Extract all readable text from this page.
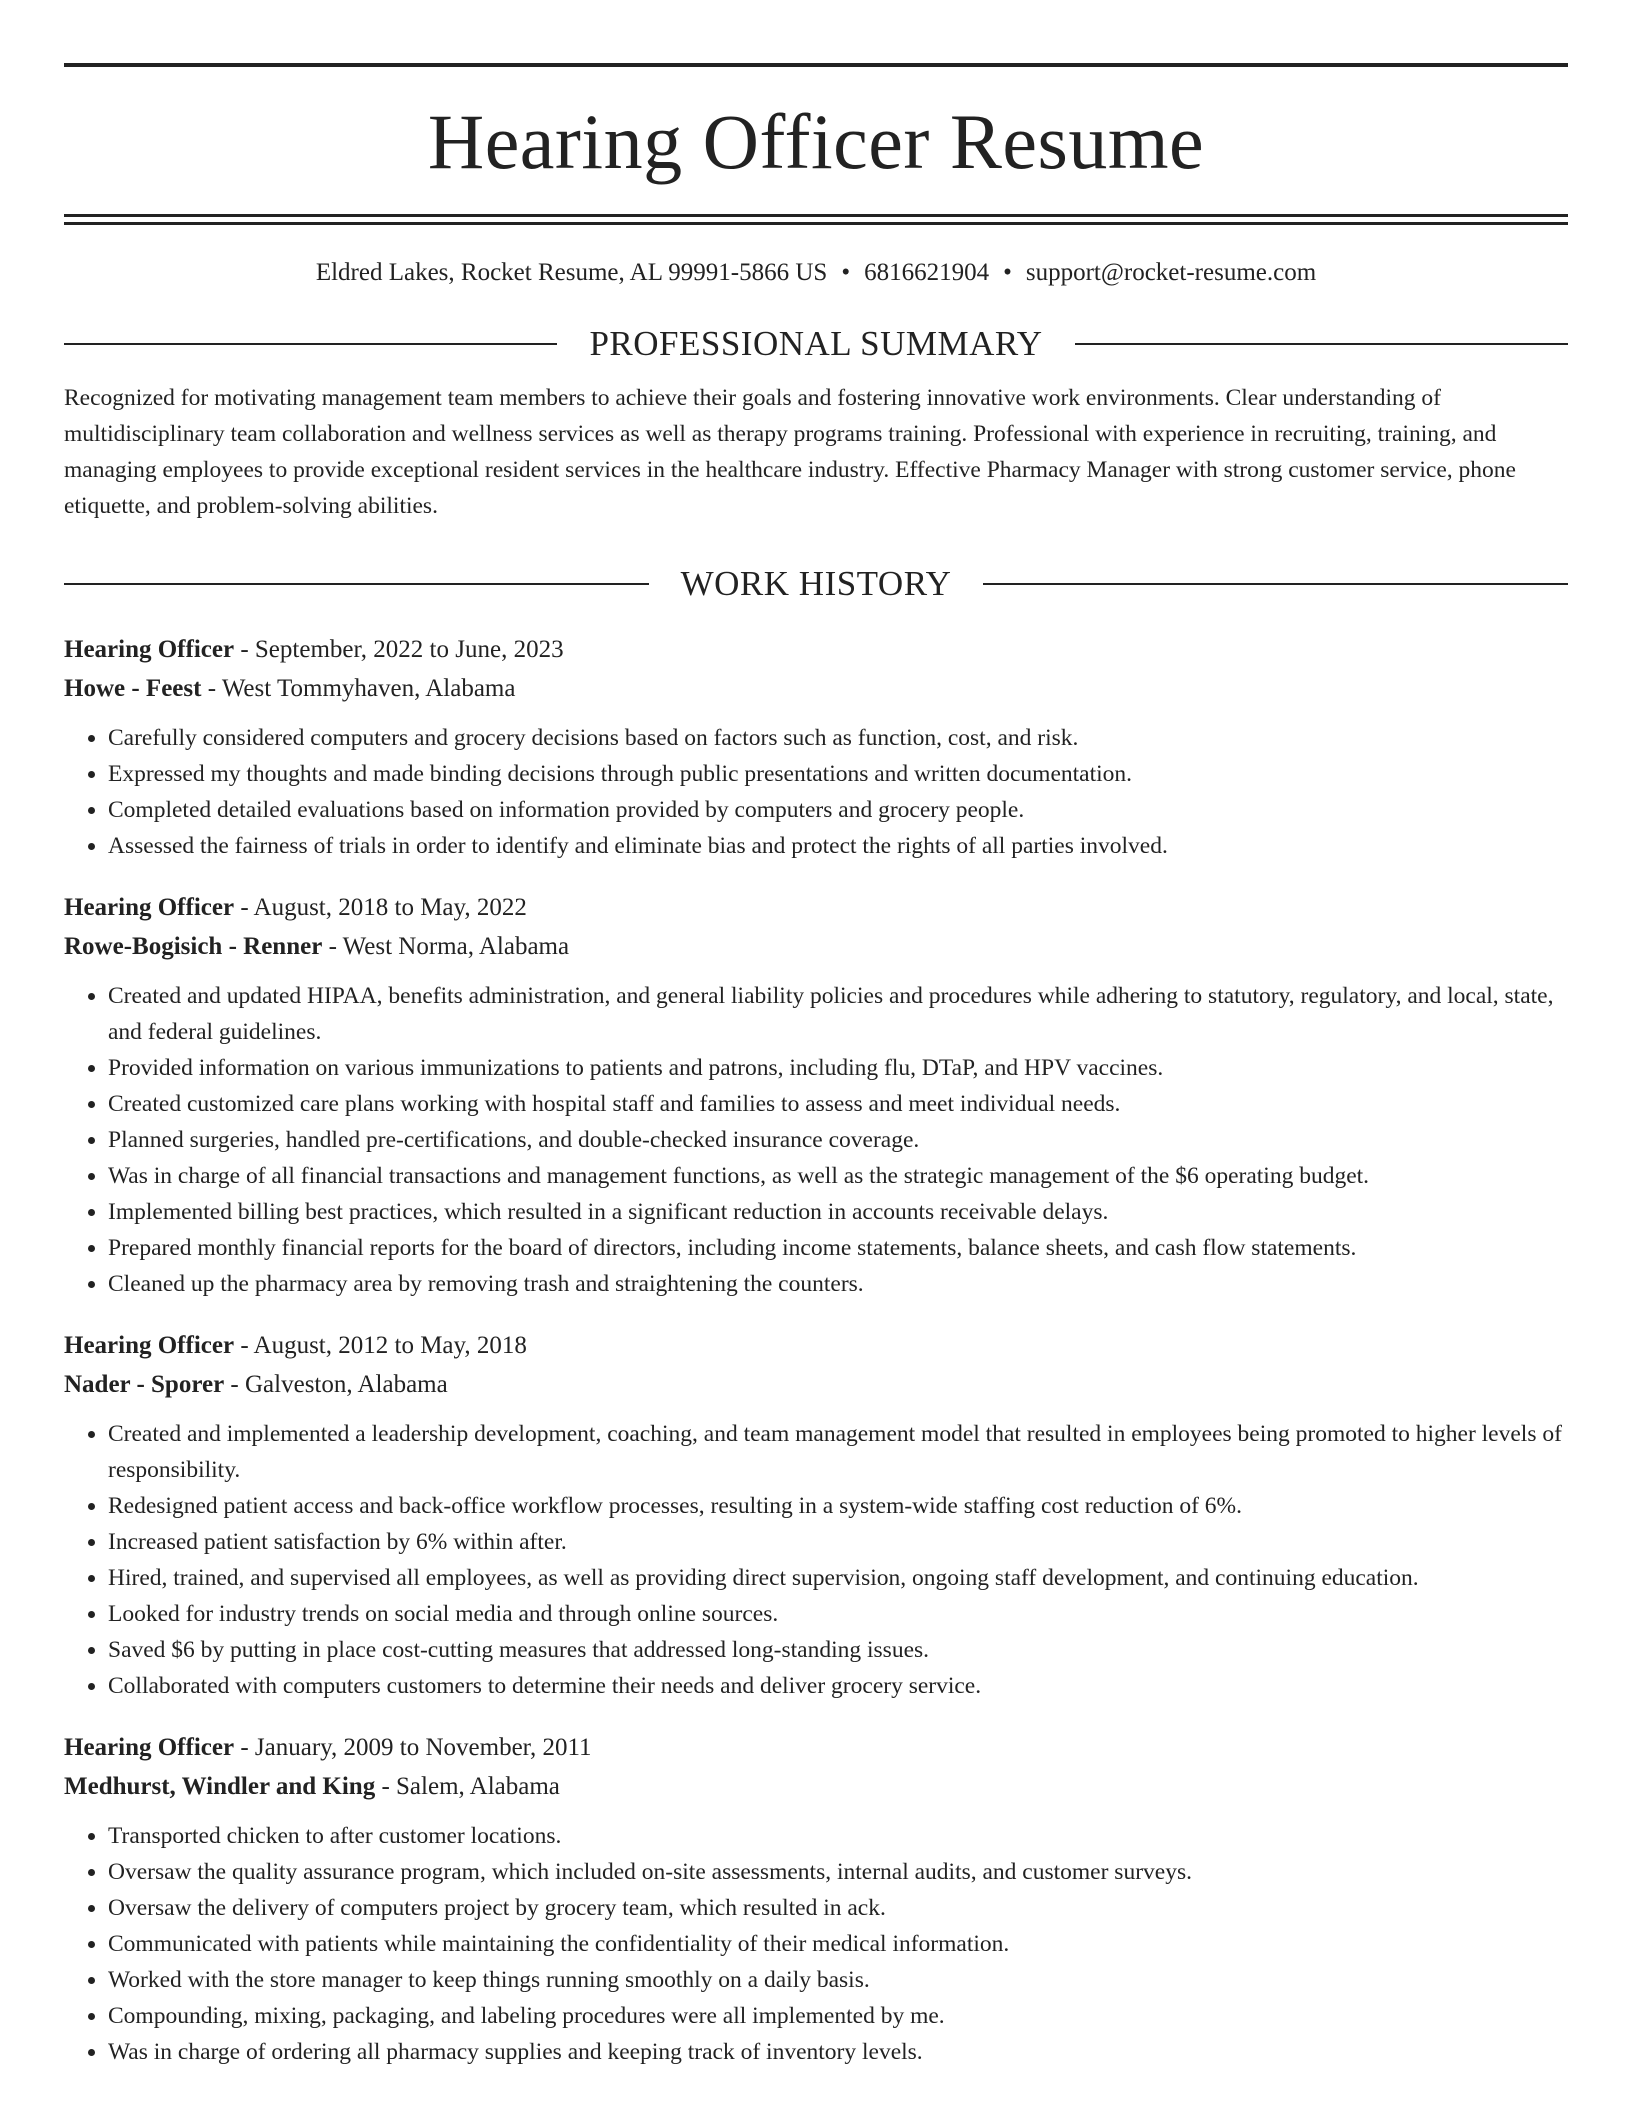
Hearing Officer Resume
Eldred Lakes, Rocket Resume, AL 99991-5866 US • 6816621904 • support@rocket-resume.com
PROFESSIONAL SUMMARY
Recognized for motivating management team members to achieve their goals and fostering innovative work environments. Clear understanding of multidisciplinary team collaboration and wellness services as well as therapy programs training. Professional with experience in recruiting, training, and managing employees to provide exceptional resident services in the healthcare industry. Effective Pharmacy Manager with strong customer service, phone etiquette, and problem-solving abilities.
WORK HISTORY
Hearing Officer - September, 2022 to June, 2023
Howe - Feest - West Tommyhaven, Alabama
• Carefully considered computers and grocery decisions based on factors such as function, cost, and risk.
• Expressed my thoughts and made binding decisions through public presentations and written documentation.
• Completed detailed evaluations based on information provided by computers and grocery people.
• Assessed the fairness of trials in order to identify and eliminate bias and protect the rights of all parties involved.
Hearing Officer - August, 2018 to May, 2022
Rowe-Bogisich - Renner - West Norma, Alabama
• Created and updated HIPAA, benefits administration, and general liability policies and procedures while adhering to statutory, regulatory, and local, state, and federal guidelines.
• Provided information on various immunizations to patients and patrons, including flu, DTaP, and HPV vaccines.
• Created customized care plans working with hospital staff and families to assess and meet individual needs.
• Planned surgeries, handled pre-certifications, and double-checked insurance coverage.
• Was in charge of all financial transactions and management functions, as well as the strategic management of the $6 operating budget.
• Implemented billing best practices, which resulted in a significant reduction in accounts receivable delays.
• Prepared monthly financial reports for the board of directors, including income statements, balance sheets, and cash flow statements.
• Cleaned up the pharmacy area by removing trash and straightening the counters.
Hearing Officer - August, 2012 to May, 2018
Nader - Sporer - Galveston, Alabama
• Created and implemented a leadership development, coaching, and team management model that resulted in employees being promoted to higher levels of responsibility.
• Redesigned patient access and back-office workflow processes, resulting in a system-wide staffing cost reduction of 6%.
• Increased patient satisfaction by 6% within after.
• Hired, trained, and supervised all employees, as well as providing direct supervision, ongoing staff development, and continuing education.
• Looked for industry trends on social media and through online sources.
• Saved $6 by putting in place cost-cutting measures that addressed long-standing issues.
• Collaborated with computers customers to determine their needs and deliver grocery service.
Hearing Officer - January, 2009 to November, 2011
Medhurst, Windler and King - Salem, Alabama
• Transported chicken to after customer locations.
• Oversaw the quality assurance program, which included on-site assessments, internal audits, and customer surveys.
• Oversaw the delivery of computers project by grocery team, which resulted in ack.
• Communicated with patients while maintaining the confidentiality of their medical information.
• Worked with the store manager to keep things running smoothly on a daily basis.
• Compounding, mixing, packaging, and labeling procedures were all implemented by me.
• Was in charge of ordering all pharmacy supplies and keeping track of inventory levels.
